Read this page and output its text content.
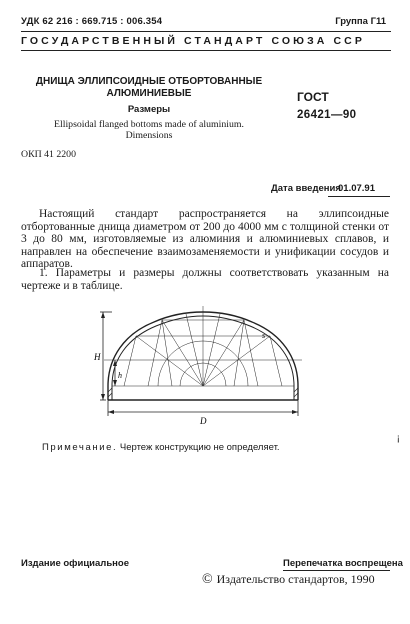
УДК 62 216 : 669.715 : 006.354	Группа Г11
ГОСУДАРСТВЕННЫЙ СТАНДАРТ СОЮЗА ССР
ДНИЩА ЭЛЛИПСОИДНЫЕ ОТБОРТОВАННЫЕ
АЛЮМИНИЕВЫЕ
Размеры
Ellipsoidal flanged bottoms made of aluminium.
Dimensions
ГОСТ
26421—90
ОКП 41 2200
Дата введения
01.07.91
Настоящий стандарт распространяется на эллипсоидные отбортованные днища диаметром от 200 до 4000 мм с толщиной стенки от 3 до 80 мм, изготовляемые из алюминия и алюминиевых сплавов, и направлен на обеспечение взаимозаменяемости и унификации сосудов и аппаратов.
1. Параметры и размеры должны соответствовать указанным на чертеже и в таблице.
H
h
s
D
Примечание. Чертеж конструкцию не определяет.
¡
Издание официальное	Перепечатка воспрещена
© Издательство стандартов, 1990
